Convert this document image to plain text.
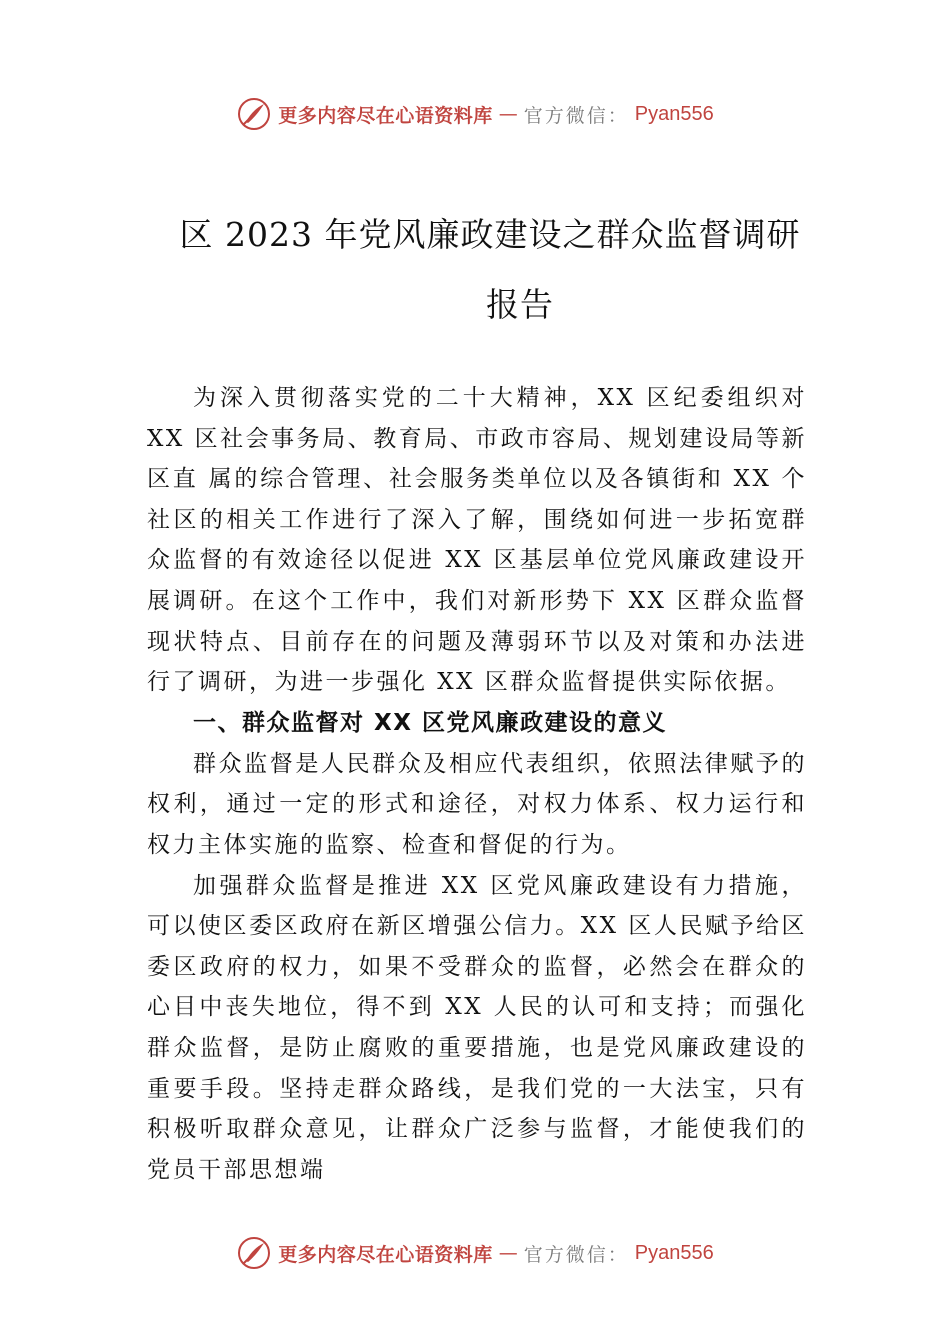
更多内容尽在心语资料库 — 官方微信： Pyan556
区 2023 年党风廉政建设之群众监督调研
报告

为深入贯彻落实党的二十大精神，XX 区纪委组织对 XX 区社会事务局、教育局、市政市容局、规划建设局等新区直 属的综合管理、社会服务类单位以及各镇街和 XX 个社区的相关工作进行了深入了解，围绕如何进一步拓宽群众监督的有效途径以促进 XX 区基层单位党风廉政建设开展调研。在这个工作中，我们对新形势下 XX 区群众监督现状特点、目前存在的问题及薄弱环节以及对策和办法进行了调研，为进一步强化 XX 区群众监督提供实际依据。

一、群众监督对 XX 区党风廉政建设的意义

群众监督是人民群众及相应代表组织，依照法律赋予的权利，通过一定的形式和途径，对权力体系、权力运行和权力主体实施的监察、检查和督促的行为。

加强群众监督是推进 XX 区党风廉政建设有力措施，可以使区委区政府在新区增强公信力。XX 区人民赋予给区委区政府的权力，如果不受群众的监督，必然会在群众的心目中丧失地位，得不到 XX 人民的认可和支持；而强化群众监督，是防止腐败的重要措施，也是党风廉政建设的重要手段。坚持走群众路线，是我们党的一大法宝，只有积极听取群众意见，让群众广泛参与监督，才能使我们的党员干部思想端

更多内容尽在心语资料库 — 官方微信： Pyan556
